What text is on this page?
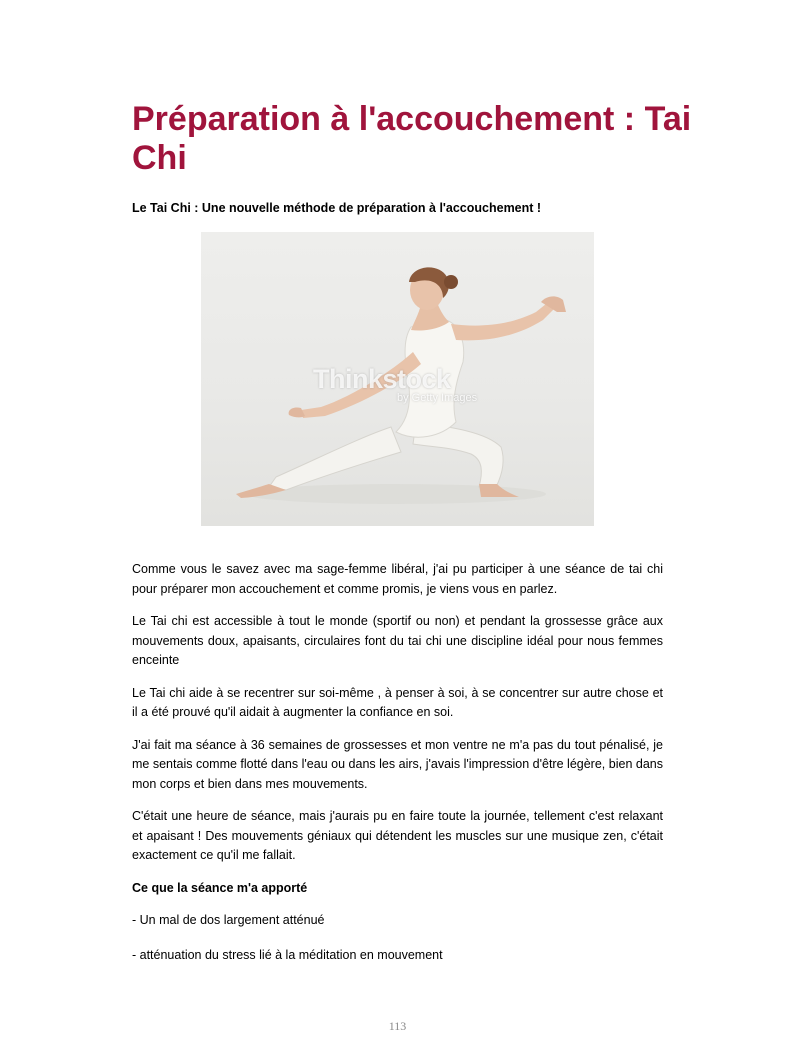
Préparation à l'accouchement : Tai Chi

Le Tai Chi : Une nouvelle méthode de préparation à l'accouchement !

Thinkstock
by Getty Images

Comme vous le savez avec ma sage-femme libéral, j'ai pu participer à une séance de tai chi pour préparer mon accouchement et comme promis, je viens vous en parlez.

Le Tai chi est accessible à tout le monde (sportif ou non) et pendant la grossesse grâce aux mouvements doux, apaisants, circulaires font du tai chi une discipline idéal pour nous femmes enceinte

Le Tai chi aide à se recentrer sur soi-même , à penser à soi, à se concentrer sur autre chose et il a été prouvé qu'il aidait à augmenter la confiance en soi.

J'ai fait ma séance à 36 semaines de grossesses et mon ventre ne m'a pas du tout pénalisé, je me sentais comme flotté dans l'eau ou dans les airs, j'avais l'impression d'être légère, bien dans mon corps et bien dans mes mouvements.

C'était une heure de séance, mais j'aurais pu en faire toute la journée, tellement c'est relaxant et apaisant ! Des mouvements géniaux qui détendent les muscles sur une musique zen, c'était exactement ce qu'il me fallait.

Ce que la séance m'a apporté

- Un mal de dos largement atténué

- atténuation du stress lié à la méditation en mouvement

113
